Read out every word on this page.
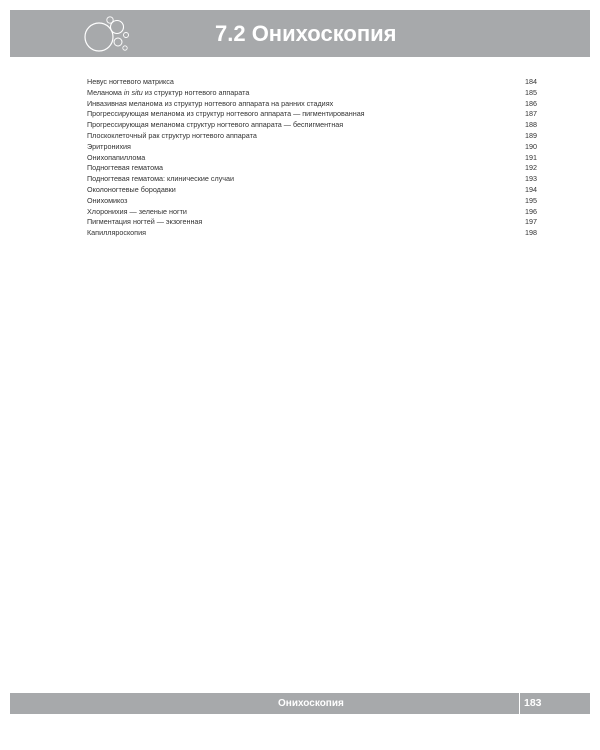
7.2 Онихоскопия
Невус ногтевого матрикса	184
Меланома in situ из структур ногтевого аппарата	185
Инвазивная меланома из структур ногтевого аппарата на ранних стадиях	186
Прогрессирующая меланома из структур ногтевого аппарата — пигментированная	187
Прогрессирующая меланома структур ногтевого аппарата — беспигментная	188
Плоскоклеточный рак структур ногтевого аппарата	189
Эритронихия	190
Онихопапиллома	191
Подногтевая гематома	192
Подногтевая гематома: клинические случаи	193
Околоногтевые бородавки	194
Онихомикоз	195
Хлоронихия — зеленые ногти	196
Пигментация ногтей — экзогенная	197
Капилляроскопия	198
Онихоскопия	183
